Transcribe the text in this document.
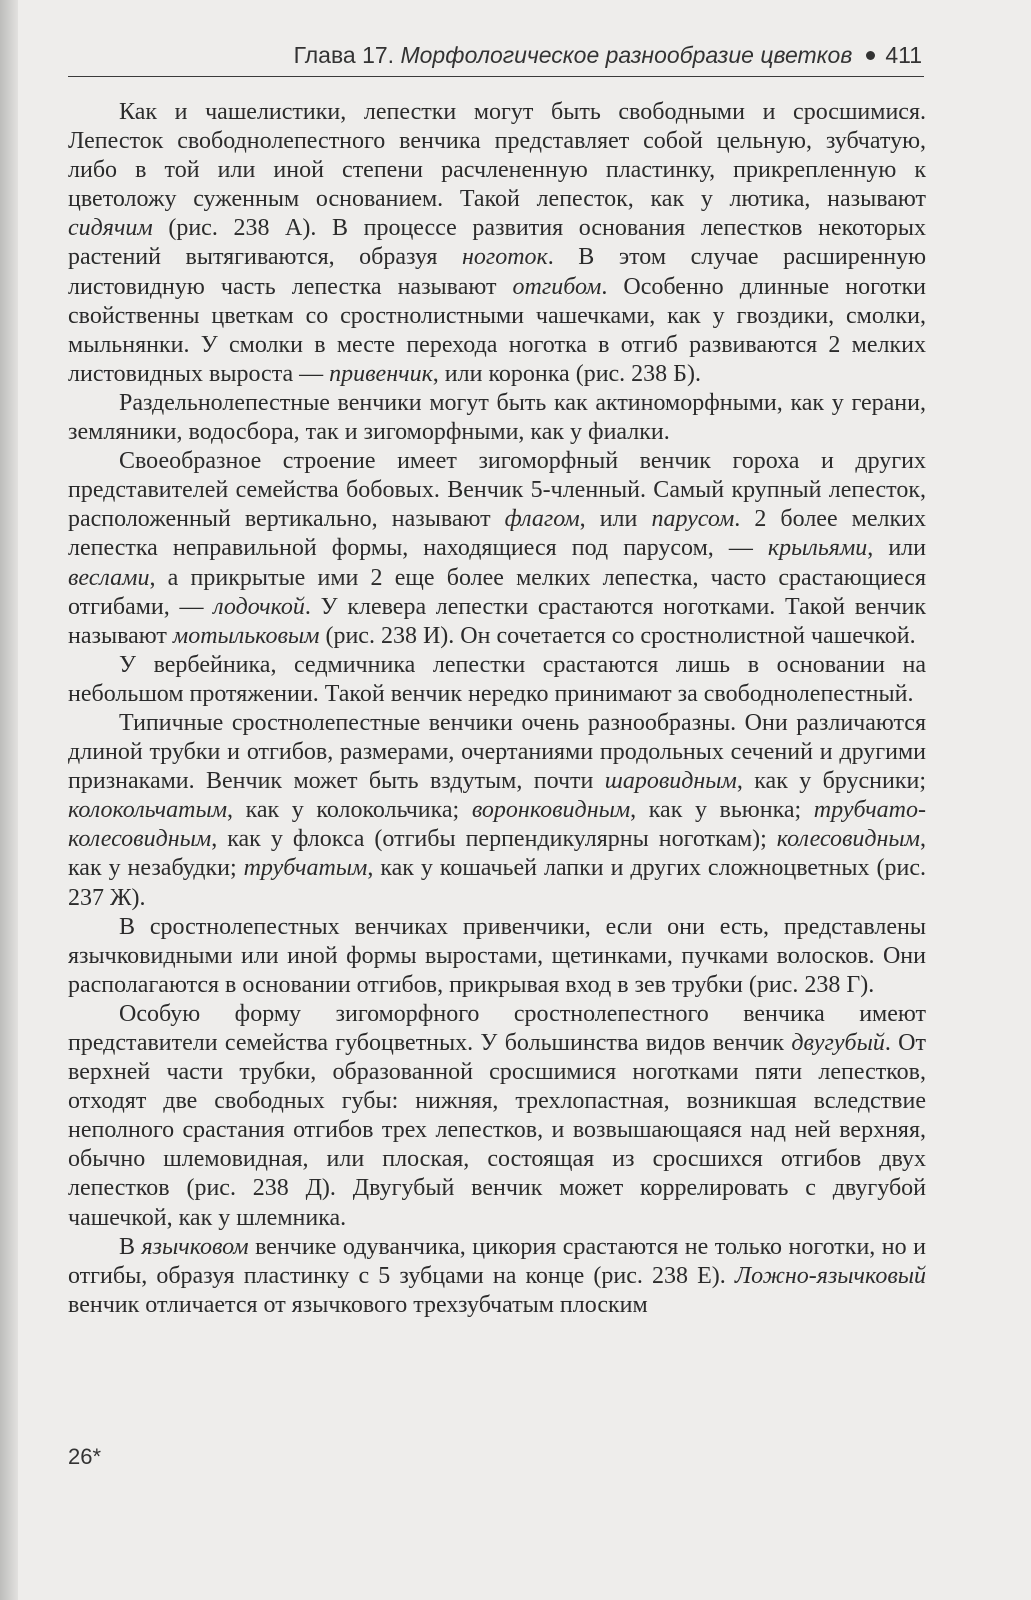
Глава 17. Морфологическое разнообразие цветков 411

Как и чашелистики, лепестки могут быть свободными и сросшимися. Лепесток свободнолепестного венчика представляет собой цельную, зубчатую, либо в той или иной степени расчлененную пластинку, прикрепленную к цветоложу суженным основанием. Такой лепесток, как у лютика, называют сидячим (рис. 238 А). В процессе развития основания лепестков некоторых растений вытягиваются, образуя ноготок. В этом случае расширенную листовидную часть лепестка называют отгибом. Особенно длинные ноготки свойственны цветкам со сростнолистными чашечками, как у гвоздики, смолки, мыльнянки. У смолки в месте перехода ноготка в отгиб развиваются 2 мелких листовидных выроста — привенчик, или коронка (рис. 238 Б).

Раздельнолепестные венчики могут быть как актиноморфными, как у герани, земляники, водосбора, так и зигоморфными, как у фиалки.

Своеобразное строение имеет зигоморфный венчик гороха и других представителей семейства бобовых. Венчик 5-членный. Самый крупный лепесток, расположенный вертикально, называют флагом, или парусом. 2 более мелких лепестка неправильной формы, находящиеся под парусом, — крыльями, или веслами, а прикрытые ими 2 еще более мелких лепестка, часто срастающиеся отгибами, — лодочкой. У клевера лепестки срастаются ноготками. Такой венчик называют мотыльковым (рис. 238 И). Он сочетается со сростнолистной чашечкой.

У вербейника, седмичника лепестки срастаются лишь в основании на небольшом протяжении. Такой венчик нередко принимают за свободнолепестный.

Типичные сростнолепестные венчики очень разнообразны. Они различаются длиной трубки и отгибов, размерами, очертаниями продольных сечений и другими признаками. Венчик может быть вздутым, почти шаровидным, как у брусники; колокольчатым, как у колокольчика; воронковидным, как у вьюнка; трубчато-колесовидным, как у флокса (отгибы перпендикулярны ноготкам); колесовидным, как у незабудки; трубчатым, как у кошачьей лапки и других сложноцветных (рис. 237 Ж).

В сростнолепестных венчиках привенчики, если они есть, представлены язычковидными или иной формы выростами, щетинками, пучками волосков. Они располагаются в основании отгибов, прикрывая вход в зев трубки (рис. 238 Г).

Особую форму зигоморфного сростнолепестного венчика имеют представители семейства губоцветных. У большинства видов венчик двугубый. От верхней части трубки, образованной сросшимися ноготками пяти лепестков, отходят две свободных губы: нижняя, трехлопастная, возникшая вследствие неполного срастания отгибов трех лепестков, и возвышающаяся над ней верхняя, обычно шлемовидная, или плоская, состоящая из сросшихся отгибов двух лепестков (рис. 238 Д). Двугубый венчик может коррелировать с двугубой чашечкой, как у шлемника.

В язычковом венчике одуванчика, цикория срастаются не только ноготки, но и отгибы, образуя пластинку с 5 зубцами на конце (рис. 238 Е). Ложно-язычковый венчик отличается от язычкового трехзубчатым плоским

26*
